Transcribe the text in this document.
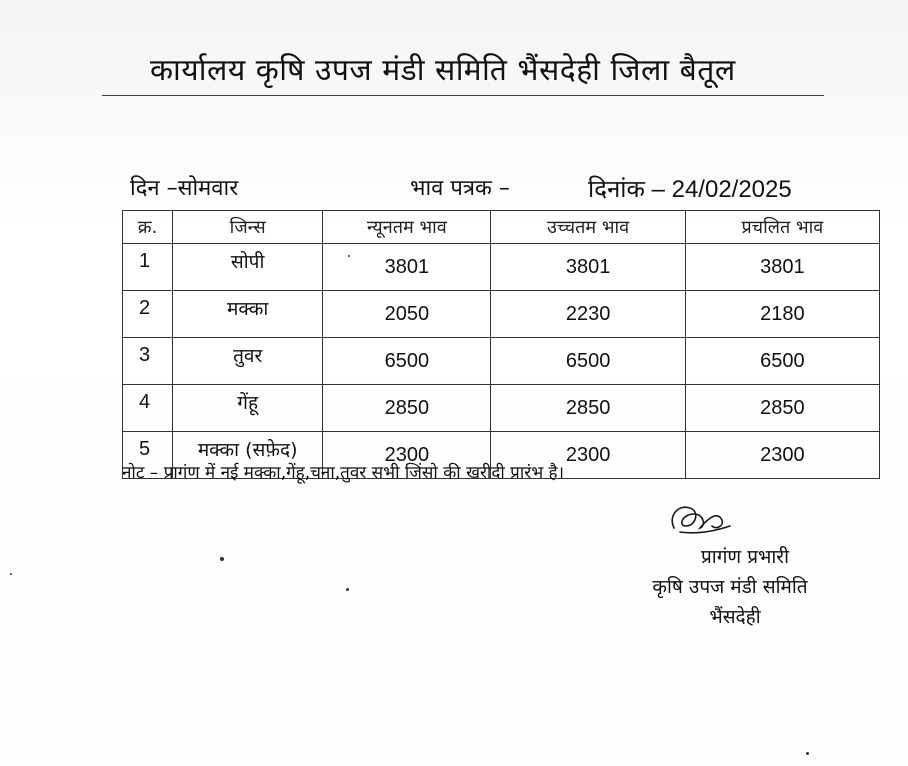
कार्यालय कृषि उपज मंडी समिति भैंसदेही जिला बैतूल
दिन –सोमवार	भाव पत्रक –	दिनांक – 24/02/2025
क्र.	जिन्स	न्यूनतम भाव	उच्चतम भाव	प्रचलित भाव
1	सोपी	3801	3801	3801
2	मक्का	2050	2230	2180
3	तुवर	6500	6500	6500
4	गेंहू	2850	2850	2850
5	मक्का (सफ़ेद)	2300	2300	2300
नोट – प्रागंण में नई मक्का,गेंहू,चना,तुवर सभी जिंसो की खरीदी प्रारंभ है।
प्रागंण प्रभारी
कृषि उपज मंडी समिति
भैंसदेही
